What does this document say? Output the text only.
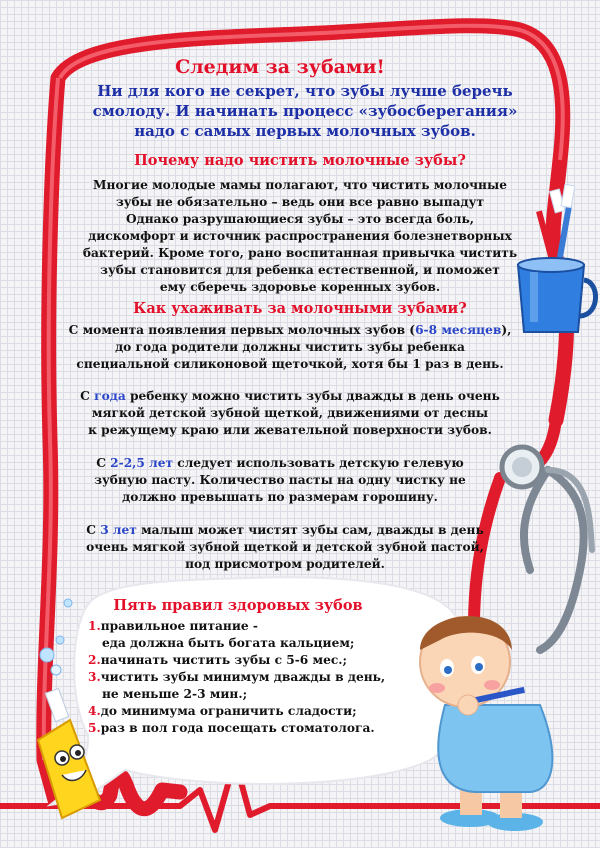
Следим за зубами!
Ни для кого не секрет, что зубы лучше беречь
смолоду. И начинать процесс «зубосберегания»
надо с самых первых молочных зубов.
Почему надо чистить молочные зубы?
Многие молодые мамы полагают, что чистить молочные
зубы не обязательно – ведь они все равно выпадут
Однако разрушающиеся зубы – это всегда боль,
дискомфорт и источник распространения болезнетворных
бактерий. Кроме того, рано воспитанная привычка чистить
зубы становится для ребенка естественной, и поможет
ему сберечь здоровье коренных зубов.
Как ухаживать за молочными зубами?
С момента появления первых молочных зубов (6-8 месяцев),
до года родители должны чистить зубы ребенка
специальной силиконовой щеточкой, хотя бы 1 раз в день.
С года ребенку можно чистить зубы дважды в день очень
мягкой детской зубной щеткой, движениями от десны
к режущему краю или жевательной поверхности зубов.
С 2-2,5 лет следует использовать детскую гелевую
зубную пасту. Количество пасты на одну чистку не
должно превышать по размерам горошину.
С 3 лет малыш может чистят зубы сам, дважды в день
очень мягкой зубной щеткой и детской зубной пастой,
под присмотром родителей.
Пять правил здоровых зубов
1.правильное питание -
еда должна быть богата кальцием;
2.начинать чистить зубы с 5-6 мес.;
3.чистить зубы минимум дважды в день,
не меньше 2-3 мин.;
4.до минимума ограничить сладости;
5.раз в пол года посещать стоматолога.
